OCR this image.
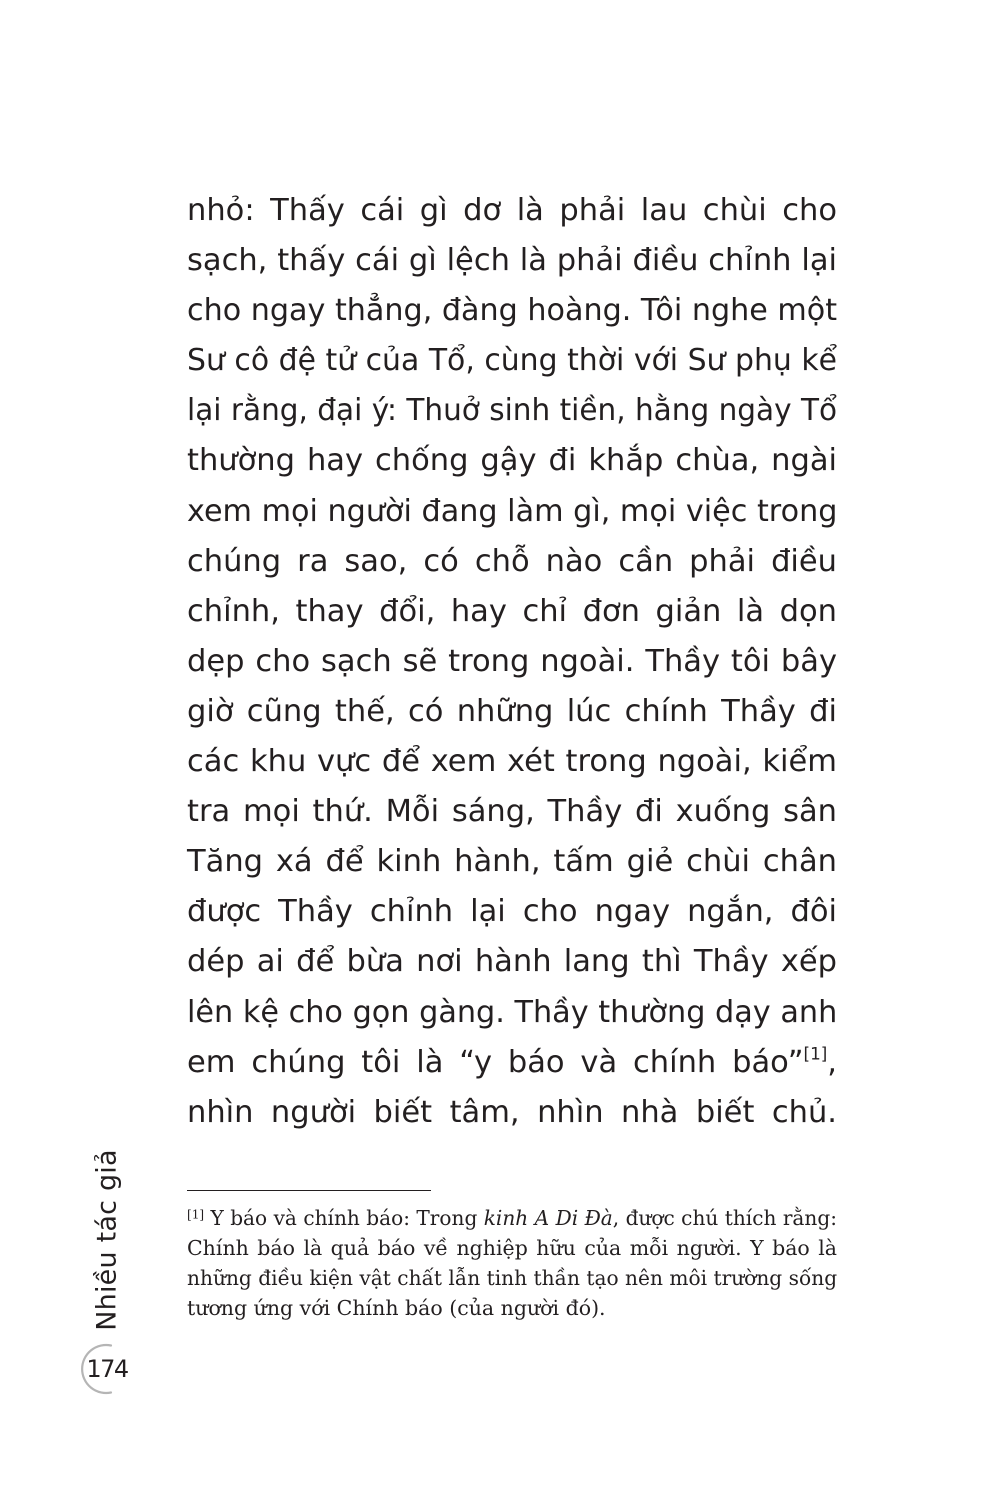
nhỏ: Thấy cái gì dơ là phải lau chùi cho
sạch, thấy cái gì lệch là phải điều chỉnh lại
cho ngay thẳng, đàng hoàng. Tôi nghe một
Sư cô đệ tử của Tổ, cùng thời với Sư phụ kể
lại rằng, đại ý: Thuở sinh tiền, hằng ngày Tổ
thường hay chống gậy đi khắp chùa, ngài
xem mọi người đang làm gì, mọi việc trong
chúng ra sao, có chỗ nào cần phải điều
chỉnh, thay đổi, hay chỉ đơn giản là dọn
dẹp cho sạch sẽ trong ngoài. Thầy tôi bây
giờ cũng thế, có những lúc chính Thầy đi
các khu vực để xem xét trong ngoài, kiểm
tra mọi thứ. Mỗi sáng, Thầy đi xuống sân
Tăng xá để kinh hành, tấm giẻ chùi chân
được Thầy chỉnh lại cho ngay ngắn, đôi
dép ai để bừa nơi hành lang thì Thầy xếp
lên kệ cho gọn gàng. Thầy thường dạy anh
em chúng tôi là “y báo và chính báo”[1],
nhìn người biết tâm, nhìn nhà biết chủ.
[1] Y báo và chính báo: Trong kinh A Di Đà, được chú thích rằng:
Chính báo là quả báo về nghiệp hữu của mỗi người. Y báo là
những điều kiện vật chất lẫn tinh thần tạo nên môi trường sống
tương ứng với Chính báo (của người đó).
Nhiều tác giả
174
